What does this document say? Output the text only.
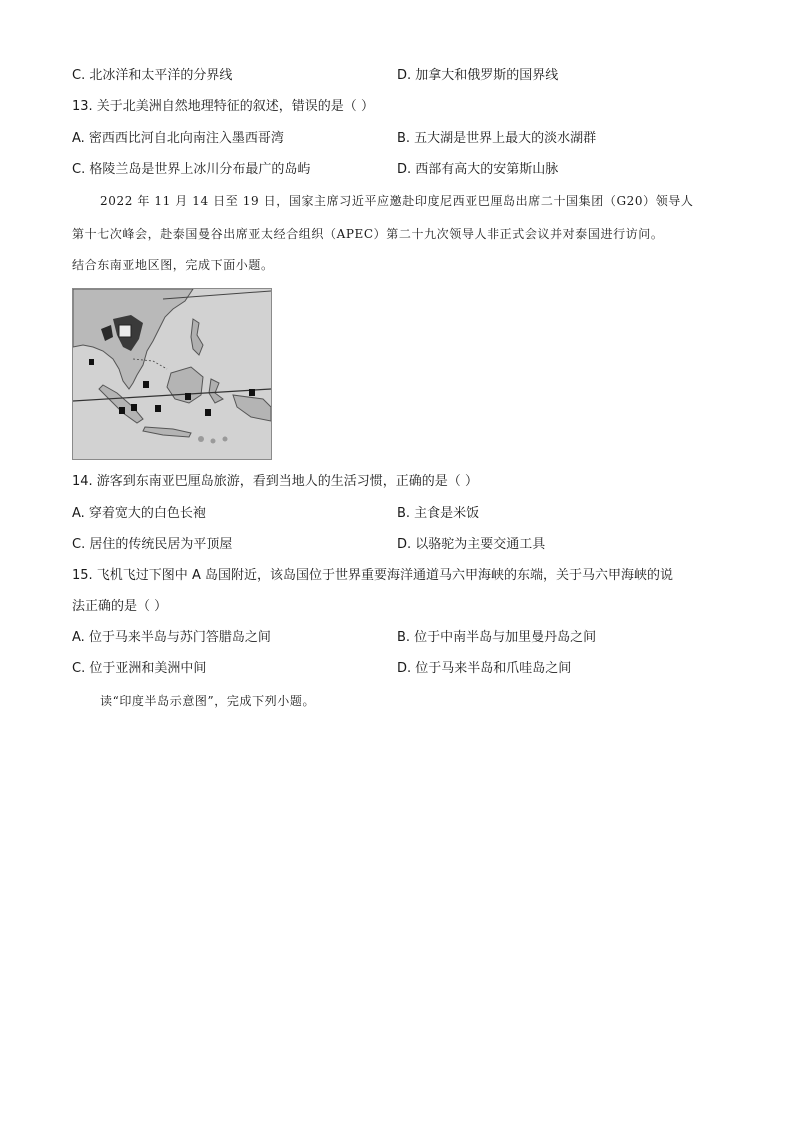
C. 北冰洋和太平洋的分界线	D. 加拿大和俄罗斯的国界线
13. 关于北美洲自然地理特征的叙述，错误的是（ ）
A. 密西西比河自北向南注入墨西哥湾	B. 五大湖是世界上最大的淡水湖群
C. 格陵兰岛是世界上冰川分布最广的岛屿	D. 西部有高大的安第斯山脉
2022 年 11 月 14 日至 19 日，国家主席习近平应邀赴印度尼西亚巴厘岛出席二十国集团（G20）领导人
第十七次峰会，赴泰国曼谷出席亚太经合组织（APEC）第二十九次领导人非正式会议并对泰国进行访问。
结合东南亚地区图，完成下面小题。
14. 游客到东南亚巴厘岛旅游，看到当地人的生活习惯，正确的是（ ）
A. 穿着宽大的白色长袍	B. 主食是米饭
C. 居住的传统民居为平顶屋	D. 以骆驼为主要交通工具
15. 飞机飞过下图中 A 岛国附近，该岛国位于世界重要海洋通道马六甲海峡的东端，关于马六甲海峡的说
法正确的是（ ）
A. 位于马来半岛与苏门答腊岛之间	B. 位于中南半岛与加里曼丹岛之间
C. 位于亚洲和美洲中间	D. 位于马来半岛和爪哇岛之间
读“印度半岛示意图”，完成下列小题。
